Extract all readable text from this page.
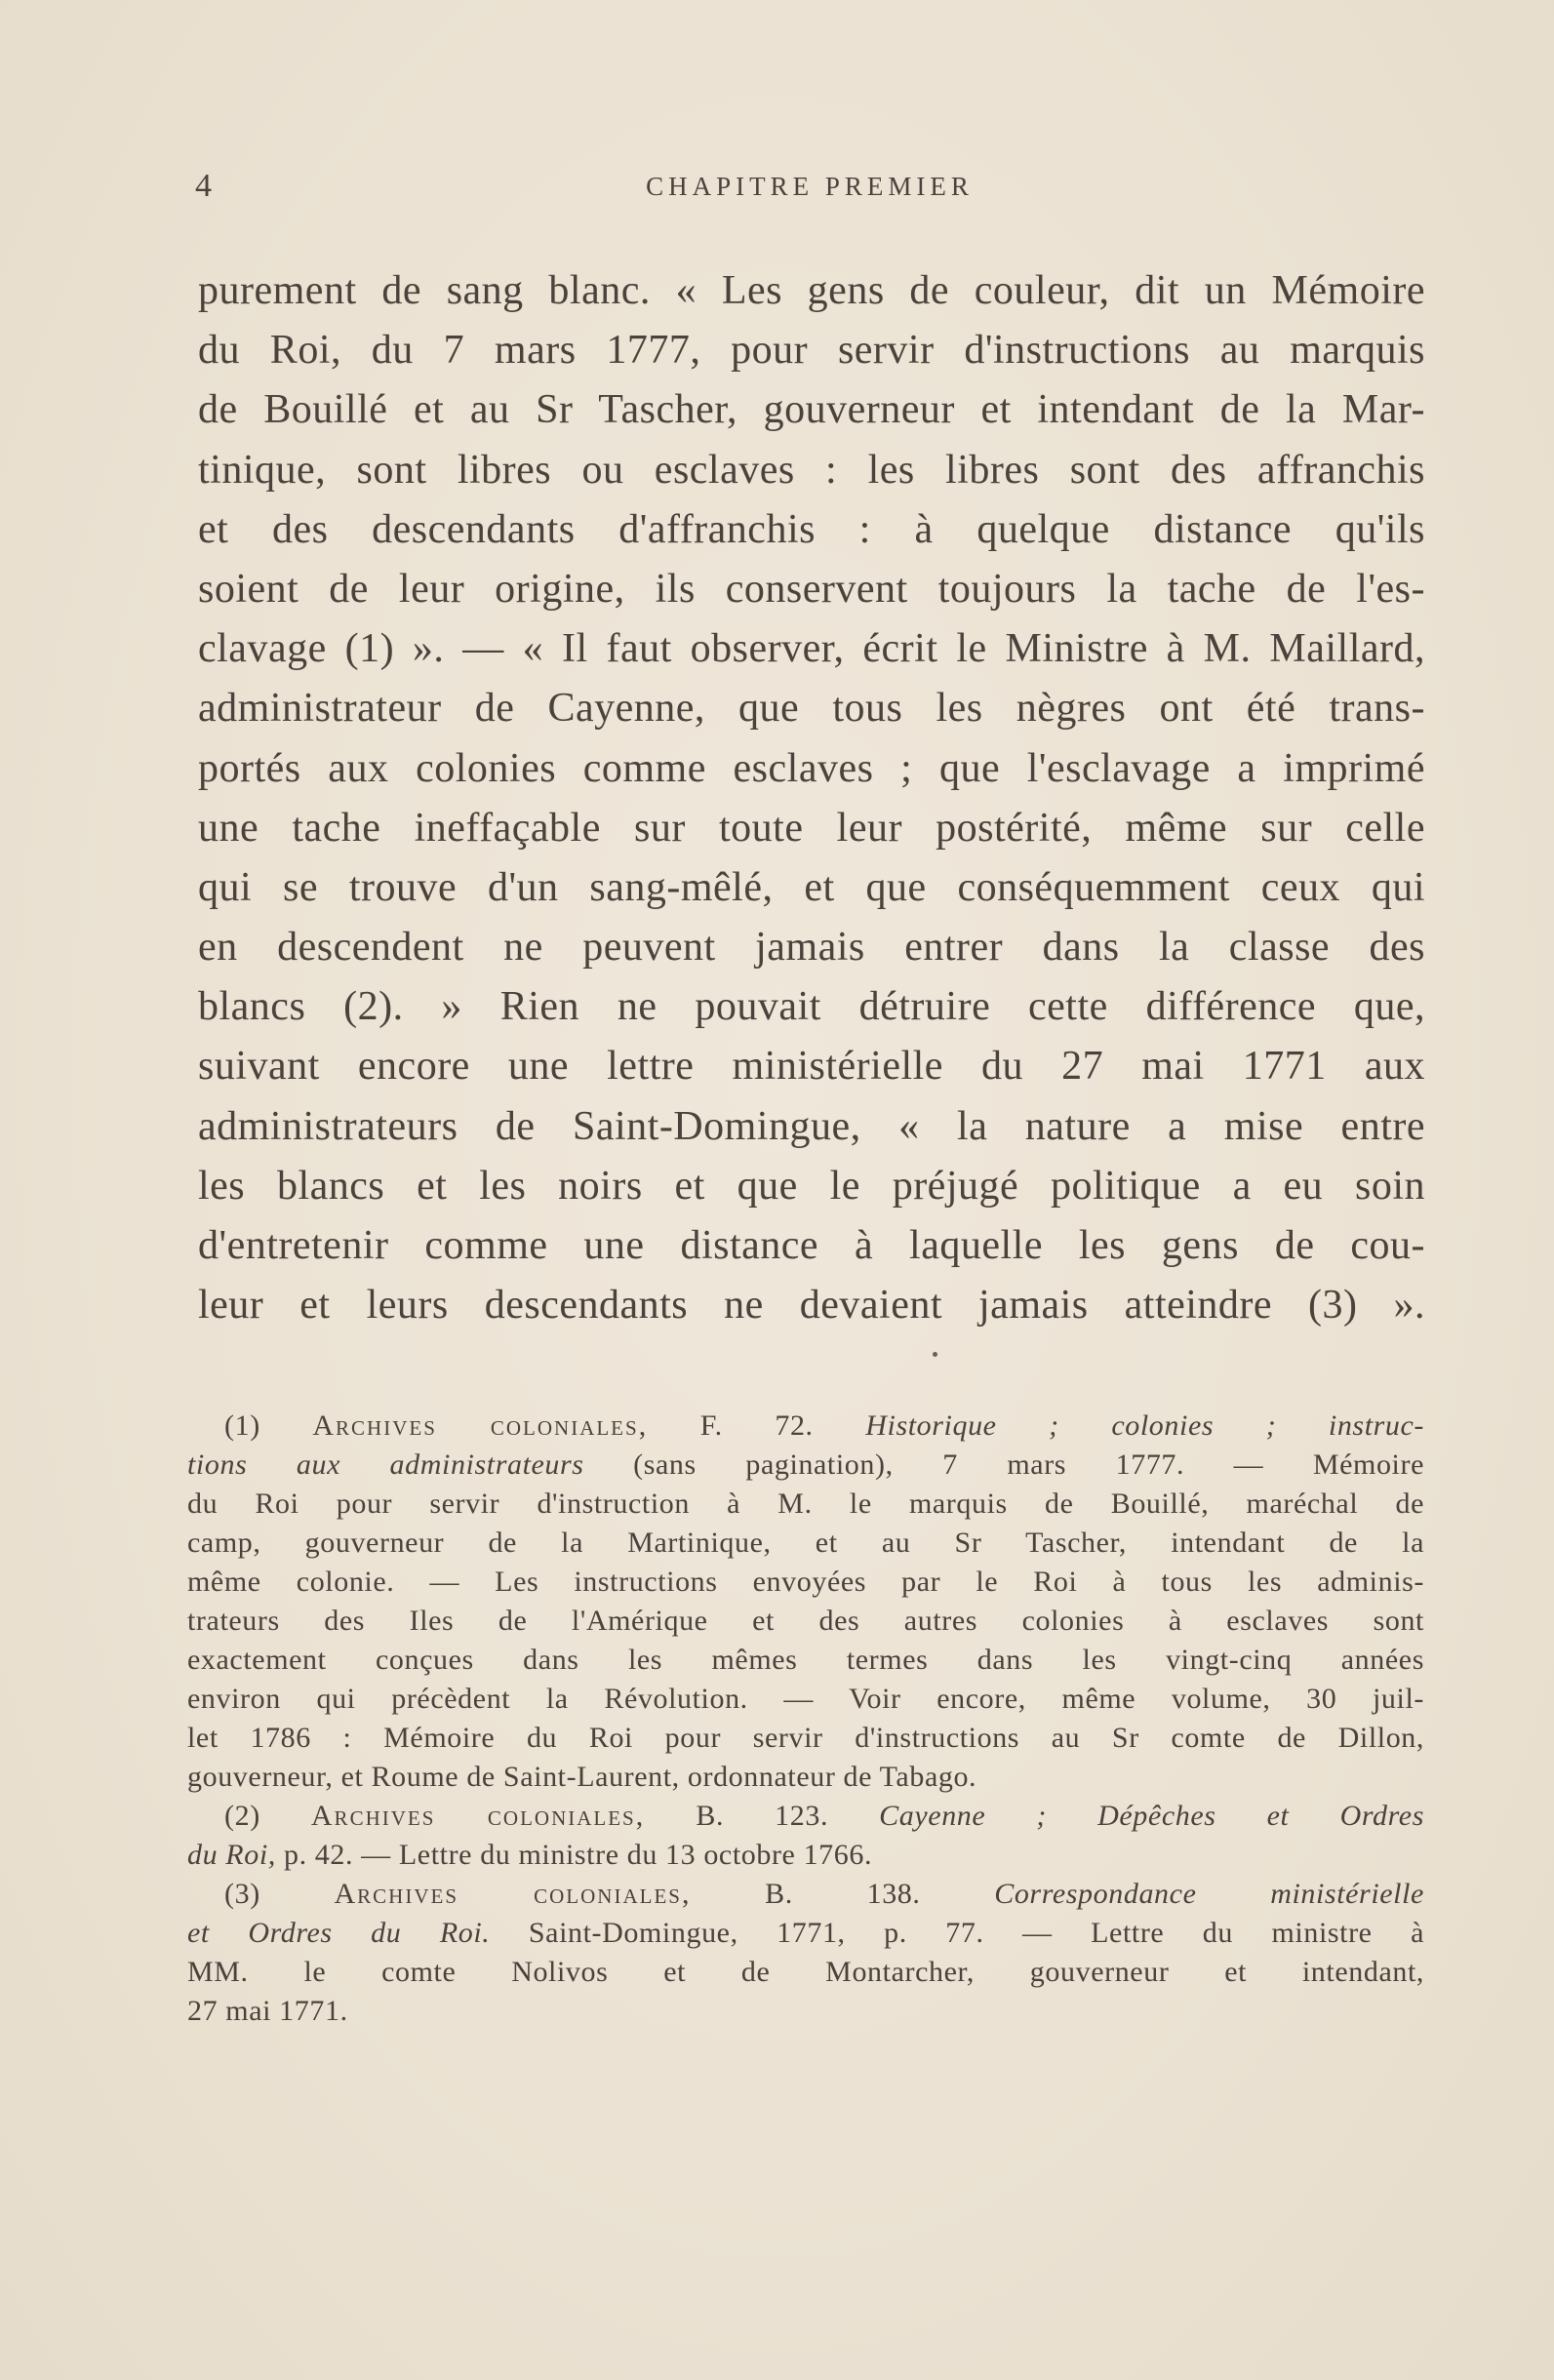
4	CHAPITRE PREMIER
purement de sang blanc. « Les gens de couleur, dit un Mémoire
du Roi, du 7 mars 1777, pour servir d'instructions au marquis
de Bouillé et au Sr Tascher, gouverneur et intendant de la Mar-
tinique, sont libres ou esclaves : les libres sont des affranchis
et des descendants d'affranchis : à quelque distance qu'ils
soient de leur origine, ils conservent toujours la tache de l'es-
clavage (1) ». — « Il faut observer, écrit le Ministre à M. Maillard,
administrateur de Cayenne, que tous les nègres ont été trans-
portés aux colonies comme esclaves ; que l'esclavage a imprimé
une tache ineffaçable sur toute leur postérité, même sur celle
qui se trouve d'un sang-mêlé, et que conséquemment ceux qui
en descendent ne peuvent jamais entrer dans la classe des
blancs (2). » Rien ne pouvait détruire cette différence que,
suivant encore une lettre ministérielle du 27 mai 1771 aux
administrateurs de Saint-Domingue, « la nature a mise entre
les blancs et les noirs et que le préjugé politique a eu soin
d'entretenir comme une distance à laquelle les gens de cou-
leur et leurs descendants ne devaient jamais atteindre (3) ».
(1) Archives coloniales, F. 72. Historique ; colonies ; instruc-
tions aux administrateurs (sans pagination), 7 mars 1777. — Mémoire
du Roi pour servir d'instruction à M. le marquis de Bouillé, maréchal de
camp, gouverneur de la Martinique, et au Sr Tascher, intendant de la
même colonie. — Les instructions envoyées par le Roi à tous les adminis-
trateurs des Iles de l'Amérique et des autres colonies à esclaves sont
exactement conçues dans les mêmes termes dans les vingt-cinq années
environ qui précèdent la Révolution. — Voir encore, même volume, 30 juil-
let 1786 : Mémoire du Roi pour servir d'instructions au Sr comte de Dillon,
gouverneur, et Roume de Saint-Laurent, ordonnateur de Tabago.
(2) Archives coloniales, B. 123. Cayenne ; Dépêches et Ordres
du Roi, p. 42. — Lettre du ministre du 13 octobre 1766.
(3)	Archives coloniales,	B. 138.	Correspondance ministérielle
et Ordres du Roi. Saint-Domingue, 1771, p. 77. — Lettre du ministre à
MM. le comte Nolivos et de Montarcher, gouverneur et intendant,
27 mai 1771.
